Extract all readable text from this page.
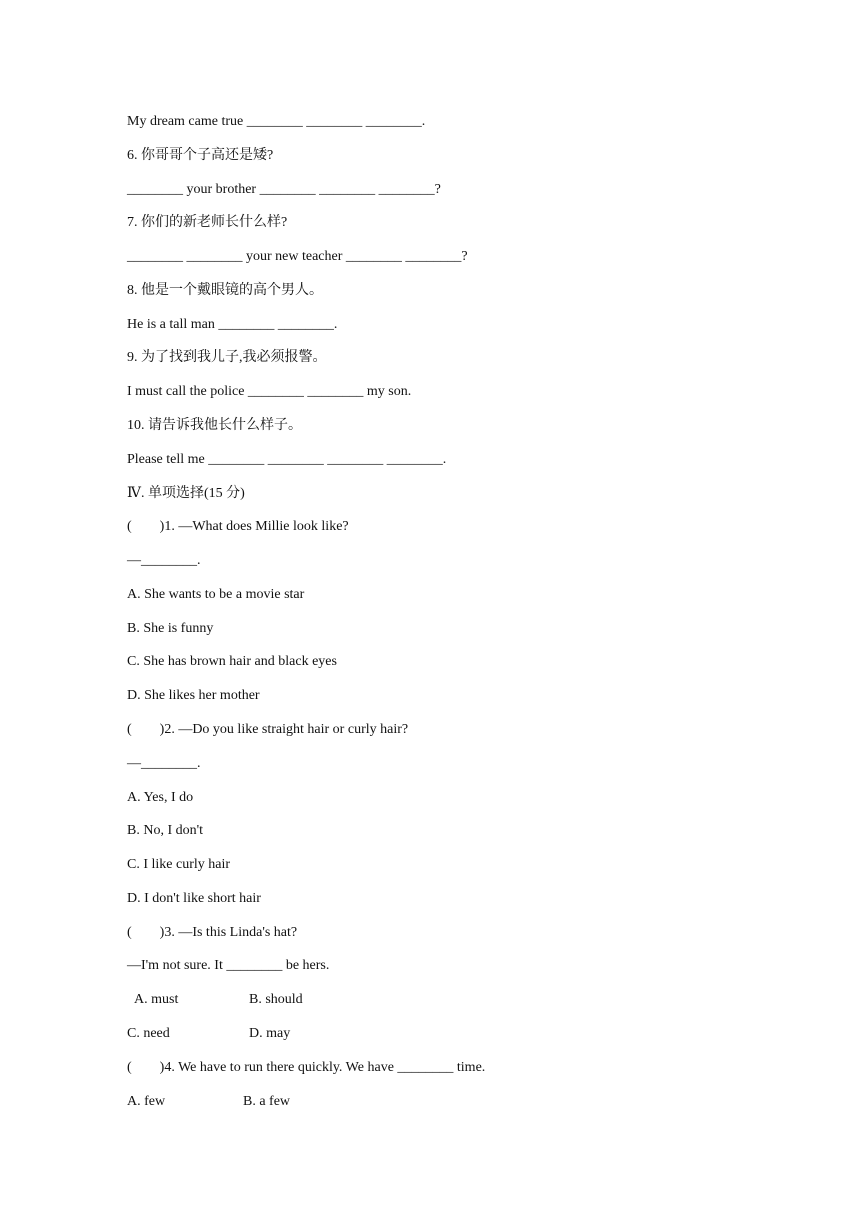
My dream came true ________ ________ ________.
6. 你哥哥个子高还是矮?
________ your brother ________ ________ ________?
7. 你们的新老师长什么样?
________ ________ your new teacher ________ ________?
8. 他是一个戴眼镜的高个男人。
He is a tall man ________ ________.
9. 为了找到我儿子,我必须报警。
I must call the police ________ ________ my son.
10. 请告诉我他长什么样子。
Please tell me ________ ________ ________ ________.
Ⅳ. 单项选择(15 分)
(        )1. —What does Millie look like?
—________.
A. She wants to be a movie star
B. She is funny
C. She has brown hair and black eyes
D. She likes her mother
(        )2. —Do you like straight hair or curly hair?
—________.
A. Yes, I do
B. No, I don't
C. I like curly hair
D. I don't like short hair
(        )3. —Is this Linda's hat?
—I'm not sure. It ________ be hers.

A. must

	B. should

C. need

	D. may

(        )4. We have to run there quickly. We have ________ time.

A. few

	B. a few
